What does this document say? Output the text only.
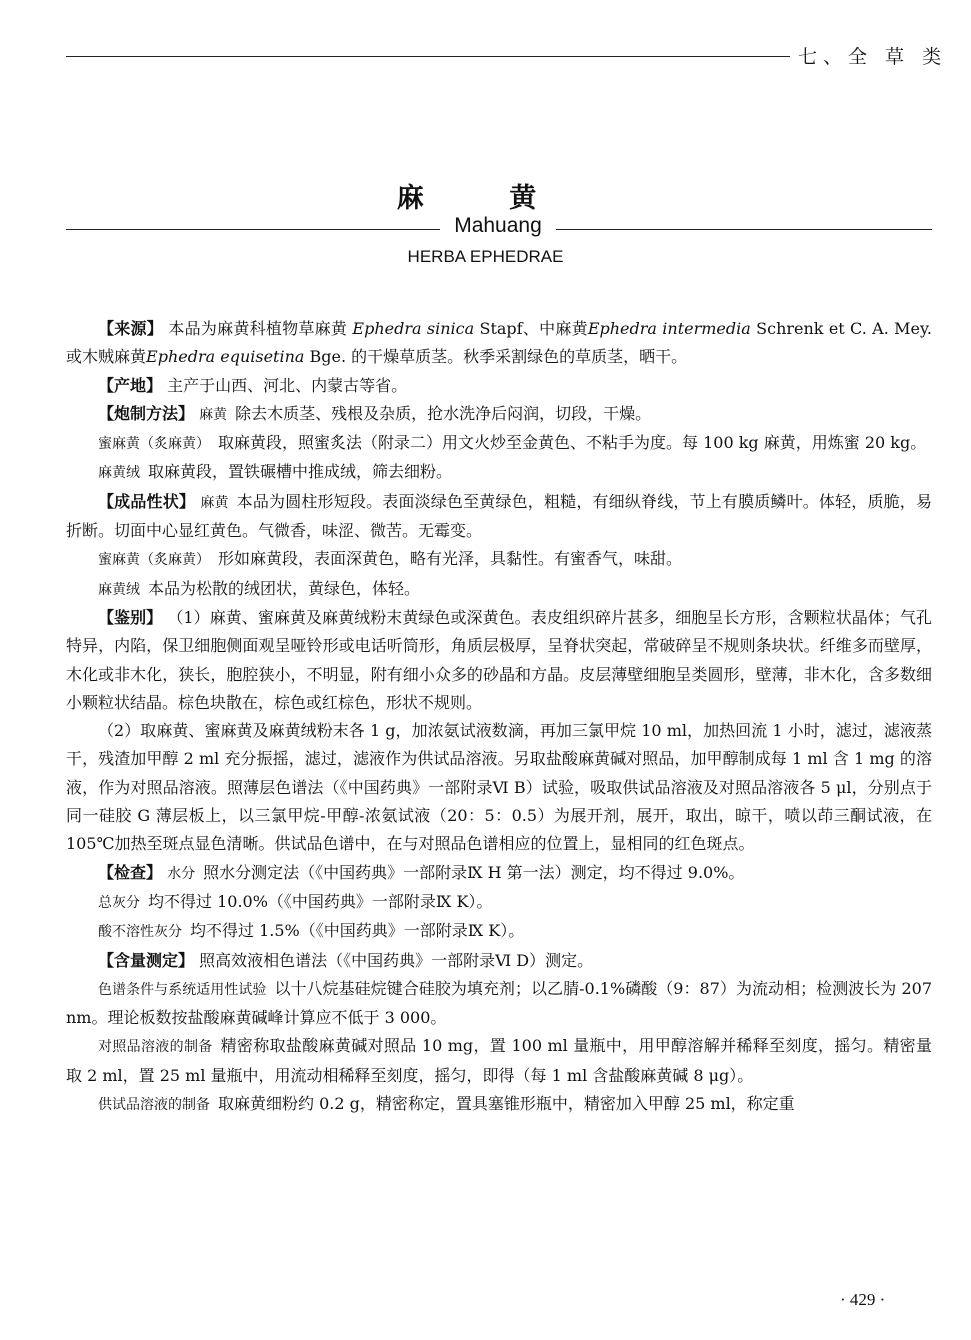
七、全 草 类
麻 黄
Mahuang
HERBA EPHEDRAE

【来源】 本品为麻黄科植物草麻黄 Ephedra sinica Stapf、中麻黄Ephedra intermedia Schrenk et C. A. Mey. 或木贼麻黄Ephedra equisetina Bge. 的干燥草质茎。秋季采割绿色的草质茎，晒干。

【产地】 主产于山西、河北、内蒙古等省。

【炮制方法】 麻黄 除去木质茎、残根及杂质，抢水洗净后闷润，切段，干燥。

蜜麻黄（炙麻黄） 取麻黄段，照蜜炙法（附录二）用文火炒至金黄色、不粘手为度。每 100 kg 麻黄，用炼蜜 20 kg。

麻黄绒 取麻黄段，置铁碾槽中推成绒，筛去细粉。

【成品性状】 麻黄 本品为圆柱形短段。表面淡绿色至黄绿色，粗糙，有细纵脊线，节上有膜质鳞叶。体轻，质脆，易折断。切面中心显红黄色。气微香，味涩、微苦。无霉变。

蜜麻黄（炙麻黄） 形如麻黄段，表面深黄色，略有光泽，具黏性。有蜜香气，味甜。

麻黄绒 本品为松散的绒团状，黄绿色，体轻。

【鉴别】 （1）麻黄、蜜麻黄及麻黄绒粉末黄绿色或深黄色。表皮组织碎片甚多，细胞呈长方形，含颗粒状晶体；气孔特异，内陷，保卫细胞侧面观呈哑铃形或电话听筒形，角质层极厚，呈脊状突起，常破碎呈不规则条块状。纤维多而壁厚，木化或非木化，狭长，胞腔狭小，不明显，附有细小众多的砂晶和方晶。皮层薄壁细胞呈类圆形，壁薄，非木化，含多数细小颗粒状结晶。棕色块散在，棕色或红棕色，形状不规则。

（2）取麻黄、蜜麻黄及麻黄绒粉末各 1 g，加浓氨试液数滴，再加三氯甲烷 10 ml，加热回流 1 小时，滤过，滤液蒸干，残渣加甲醇 2 ml 充分振摇，滤过，滤液作为供试品溶液。另取盐酸麻黄碱对照品，加甲醇制成每 1 ml 含 1 mg 的溶液，作为对照品溶液。照薄层色谱法（《中国药典》一部附录Ⅵ B）试验，吸取供试品溶液及对照品溶液各 5 μl，分别点于同一硅胶 G 薄层板上，以三氯甲烷-甲醇-浓氨试液（20：5：0.5）为展开剂，展开，取出，晾干，喷以茚三酮试液，在 105℃加热至斑点显色清晰。供试品色谱中，在与对照品色谱相应的位置上，显相同的红色斑点。

【检查】 水分 照水分测定法（《中国药典》一部附录Ⅸ H 第一法）测定，均不得过 9.0%。

总灰分 均不得过 10.0%（《中国药典》一部附录Ⅸ K）。

酸不溶性灰分 均不得过 1.5%（《中国药典》一部附录Ⅸ K）。

【含量测定】 照高效液相色谱法（《中国药典》一部附录Ⅵ D）测定。

色谱条件与系统适用性试验 以十八烷基硅烷键合硅胶为填充剂；以乙腈-0.1%磷酸（9：87）为流动相；检测波长为 207 nm。理论板数按盐酸麻黄碱峰计算应不低于 3 000。

对照品溶液的制备 精密称取盐酸麻黄碱对照品 10 mg，置 100 ml 量瓶中，用甲醇溶解并稀释至刻度，摇匀。精密量取 2 ml，置 25 ml 量瓶中，用流动相稀释至刻度，摇匀，即得（每 1 ml 含盐酸麻黄碱 8 μg）。

供试品溶液的制备 取麻黄细粉约 0.2 g，精密称定，置具塞锥形瓶中，精密加入甲醇 25 ml，称定重

· 429 ·
